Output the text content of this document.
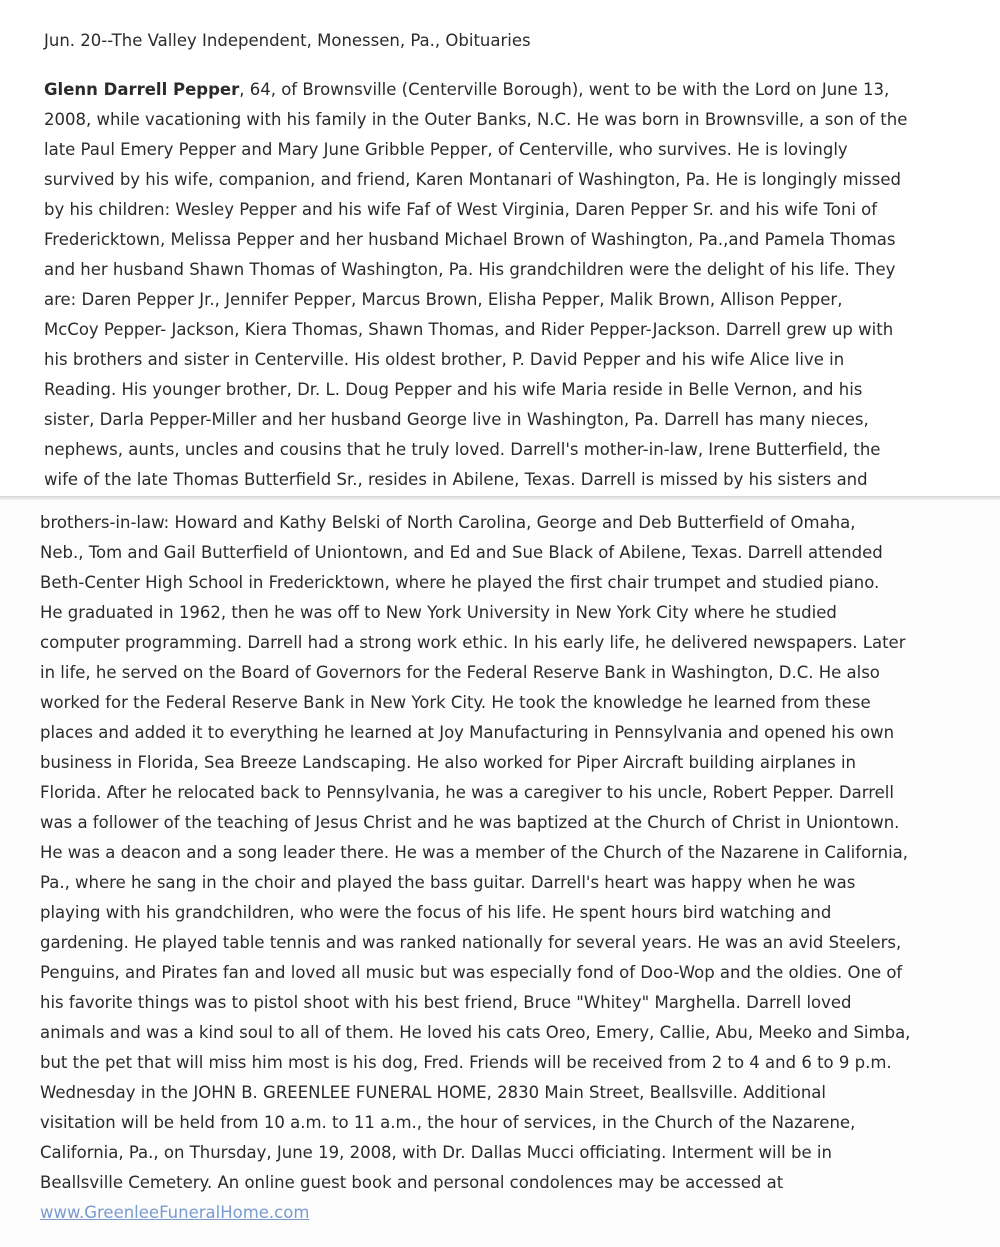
Jun. 20--The Valley Independent, Monessen, Pa., Obituaries
Glenn Darrell Pepper, 64, of Brownsville (Centerville Borough), went to be with the Lord on June 13,
2008, while vacationing with his family in the Outer Banks, N.C. He was born in Brownsville, a son of the
late Paul Emery Pepper and Mary June Gribble Pepper, of Centerville, who survives. He is lovingly
survived by his wife, companion, and friend, Karen Montanari of Washington, Pa. He is longingly missed
by his children: Wesley Pepper and his wife Faf of West Virginia, Daren Pepper Sr. and his wife Toni of
Fredericktown, Melissa Pepper and her husband Michael Brown of Washington, Pa.,and Pamela Thomas
and her husband Shawn Thomas of Washington, Pa. His grandchildren were the delight of his life. They
are: Daren Pepper Jr., Jennifer Pepper, Marcus Brown, Elisha Pepper, Malik Brown, Allison Pepper,
McCoy Pepper- Jackson, Kiera Thomas, Shawn Thomas, and Rider Pepper-Jackson. Darrell grew up with
his brothers and sister in Centerville. His oldest brother, P. David Pepper and his wife Alice live in
Reading. His younger brother, Dr. L. Doug Pepper and his wife Maria reside in Belle Vernon, and his
sister, Darla Pepper-Miller and her husband George live in Washington, Pa. Darrell has many nieces,
nephews, aunts, uncles and cousins that he truly loved. Darrell's mother-in-law, Irene Butterfield, the
wife of the late Thomas Butterfield Sr., resides in Abilene, Texas. Darrell is missed by his sisters and
brothers-in-law: Howard and Kathy Belski of North Carolina, George and Deb Butterfield of Omaha,
Neb., Tom and Gail Butterfield of Uniontown, and Ed and Sue Black of Abilene, Texas. Darrell attended
Beth-Center High School in Fredericktown, where he played the first chair trumpet and studied piano.
He graduated in 1962, then he was off to New York University in New York City where he studied
computer programming. Darrell had a strong work ethic. In his early life, he delivered newspapers. Later
in life, he served on the Board of Governors for the Federal Reserve Bank in Washington, D.C. He also
worked for the Federal Reserve Bank in New York City. He took the knowledge he learned from these
places and added it to everything he learned at Joy Manufacturing in Pennsylvania and opened his own
business in Florida, Sea Breeze Landscaping. He also worked for Piper Aircraft building airplanes in
Florida. After he relocated back to Pennsylvania, he was a caregiver to his uncle, Robert Pepper. Darrell
was a follower of the teaching of Jesus Christ and he was baptized at the Church of Christ in Uniontown.
He was a deacon and a song leader there. He was a member of the Church of the Nazarene in California,
Pa., where he sang in the choir and played the bass guitar. Darrell's heart was happy when he was
playing with his grandchildren, who were the focus of his life. He spent hours bird watching and
gardening. He played table tennis and was ranked nationally for several years. He was an avid Steelers,
Penguins, and Pirates fan and loved all music but was especially fond of Doo-Wop and the oldies. One of
his favorite things was to pistol shoot with his best friend, Bruce "Whitey" Marghella. Darrell loved
animals and was a kind soul to all of them. He loved his cats Oreo, Emery, Callie, Abu, Meeko and Simba,
but the pet that will miss him most is his dog, Fred. Friends will be received from 2 to 4 and 6 to 9 p.m.
Wednesday in the JOHN B. GREENLEE FUNERAL HOME, 2830 Main Street, Beallsville. Additional
visitation will be held from 10 a.m. to 11 a.m., the hour of services, in the Church of the Nazarene,
California, Pa., on Thursday, June 19, 2008, with Dr. Dallas Mucci officiating. Interment will be in
Beallsville Cemetery. An online guest book and personal condolences may be accessed at
www.GreenleeFuneralHome.com
